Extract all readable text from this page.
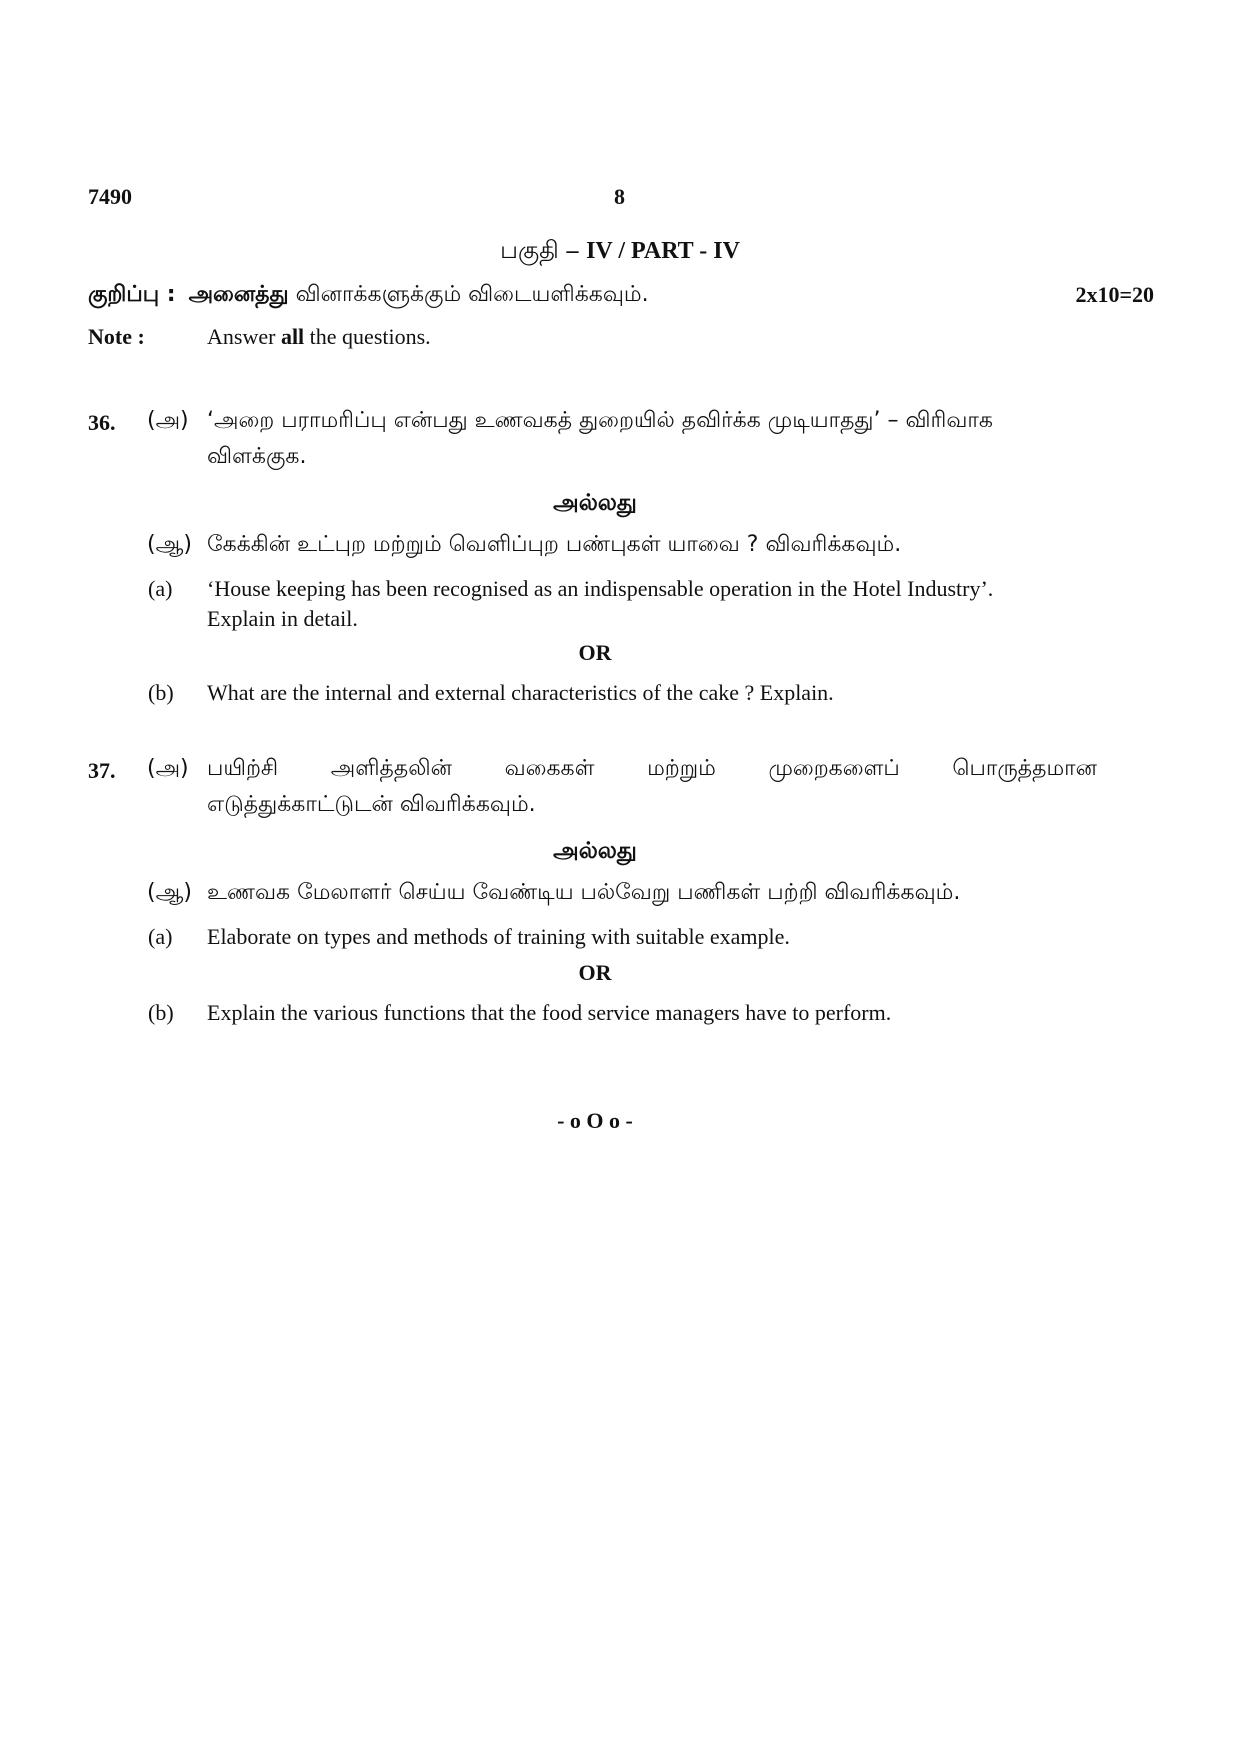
7490	8
பகுதி – IV / PART - IV
குறிப்பு : அனைத்து வினாக்களுக்கும் விடையளிக்கவும்.	2x10=20
Note :	Answer all the questions.
36. (அ) ‘அறை பராமரிப்பு என்பது உணவகத் துறையில் தவிர்க்க முடியாதது’ – விரிவாக
விளக்குக.
அல்லது
(ஆ) கேக்கின் உட்புற மற்றும் வெளிப்புற பண்புகள் யாவை ? விவரிக்கவும்.
(a) ‘House keeping has been recognised as an indispensable operation in the Hotel Industry’.
Explain in detail.
OR
(b) What are the internal and external characteristics of the cake ? Explain.
37. (அ) பயிற்சி அளித்தலின் வகைகள் மற்றும் முறைகளைப் பொருத்தமான
எடுத்துக்காட்டுடன் விவரிக்கவும்.
அல்லது
(ஆ) உணவக மேலாளர் செய்ய வேண்டிய பல்வேறு பணிகள் பற்றி விவரிக்கவும்.
(a) Elaborate on types and methods of training with suitable example.
OR
(b) Explain the various functions that the food service managers have to perform.
- o O o -
